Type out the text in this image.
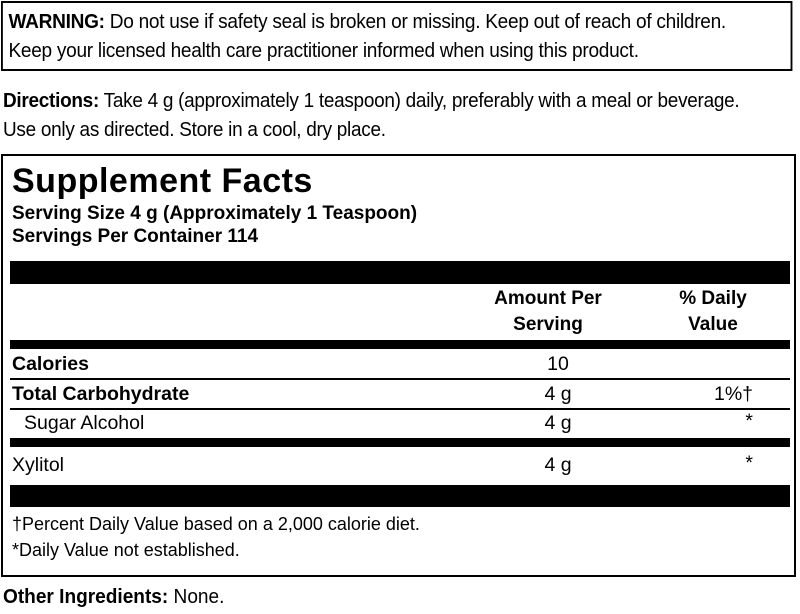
WARNING: Do not use if safety seal is broken or missing. Keep out of reach of children.
Keep your licensed health care practitioner informed when using this product.
Directions: Take 4 g (approximately 1 teaspoon) daily, preferably with a meal or beverage.
Use only as directed. Store in a cool, dry place.
Supplement Facts
Serving Size 4 g (Approximately 1 Teaspoon)
Servings Per Container 114
Amount Per
Serving
% Daily
Value
Calories	10
Total Carbohydrate	4 g	1%†
Sugar Alcohol	4 g	*
Xylitol	4 g	*
†Percent Daily Value based on a 2,000 calorie diet.
*Daily Value not established.
Other Ingredients: None.
